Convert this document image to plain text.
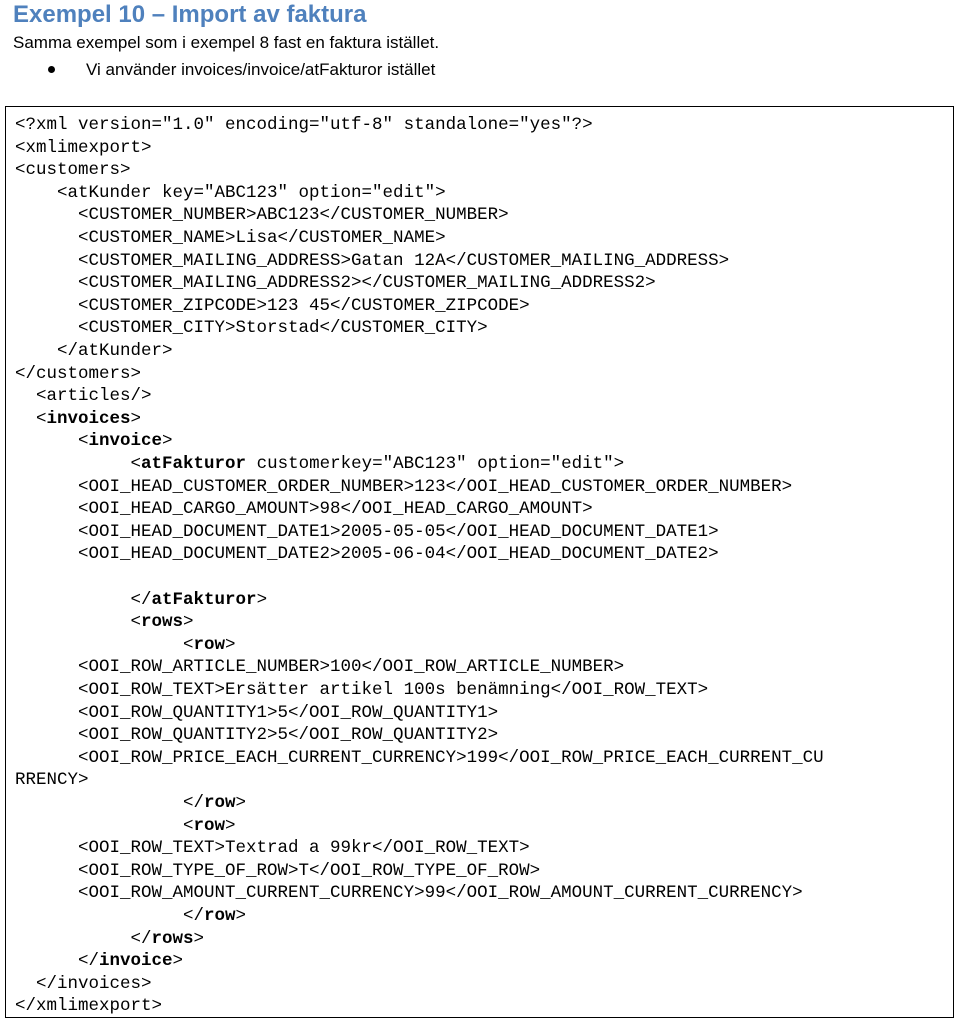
Exempel 10 – Import av faktura
Samma exempel som i exempel 8 fast en faktura istället.
Vi använder invoices/invoice/atFakturor istället
<?xml version="1.0" encoding="utf-8" standalone="yes"?>
<xmlimexport>
<customers>
<atKunder key="ABC123" option="edit">
<CUSTOMER_NUMBER>ABC123</CUSTOMER_NUMBER>
<CUSTOMER_NAME>Lisa</CUSTOMER_NAME>
<CUSTOMER_MAILING_ADDRESS>Gatan 12A</CUSTOMER_MAILING_ADDRESS>
<CUSTOMER_MAILING_ADDRESS2></CUSTOMER_MAILING_ADDRESS2>
<CUSTOMER_ZIPCODE>123 45</CUSTOMER_ZIPCODE>
<CUSTOMER_CITY>Storstad</CUSTOMER_CITY>
</atKunder>
</customers>
<articles/>
<invoices>
<invoice>
<atFakturor customerkey="ABC123" option="edit">
<OOI_HEAD_CUSTOMER_ORDER_NUMBER>123</OOI_HEAD_CUSTOMER_ORDER_NUMBER>
<OOI_HEAD_CARGO_AMOUNT>98</OOI_HEAD_CARGO_AMOUNT>
<OOI_HEAD_DOCUMENT_DATE1>2005-05-05</OOI_HEAD_DOCUMENT_DATE1>
<OOI_HEAD_DOCUMENT_DATE2>2005-06-04</OOI_HEAD_DOCUMENT_DATE2>
</atFakturor>
<rows>
<row>
<OOI_ROW_ARTICLE_NUMBER>100</OOI_ROW_ARTICLE_NUMBER>
<OOI_ROW_TEXT>Ersätter artikel 100s benämning</OOI_ROW_TEXT>
<OOI_ROW_QUANTITY1>5</OOI_ROW_QUANTITY1>
<OOI_ROW_QUANTITY2>5</OOI_ROW_QUANTITY2>
<OOI_ROW_PRICE_EACH_CURRENT_CURRENCY>199</OOI_ROW_PRICE_EACH_CURRENT_CU
RRENCY>
</row>
<row>
<OOI_ROW_TEXT>Textrad a 99kr</OOI_ROW_TEXT>
<OOI_ROW_TYPE_OF_ROW>T</OOI_ROW_TYPE_OF_ROW>
<OOI_ROW_AMOUNT_CURRENT_CURRENCY>99</OOI_ROW_AMOUNT_CURRENT_CURRENCY>
</row>
</rows>
</invoice>
</invoices>
</xmlimexport>
